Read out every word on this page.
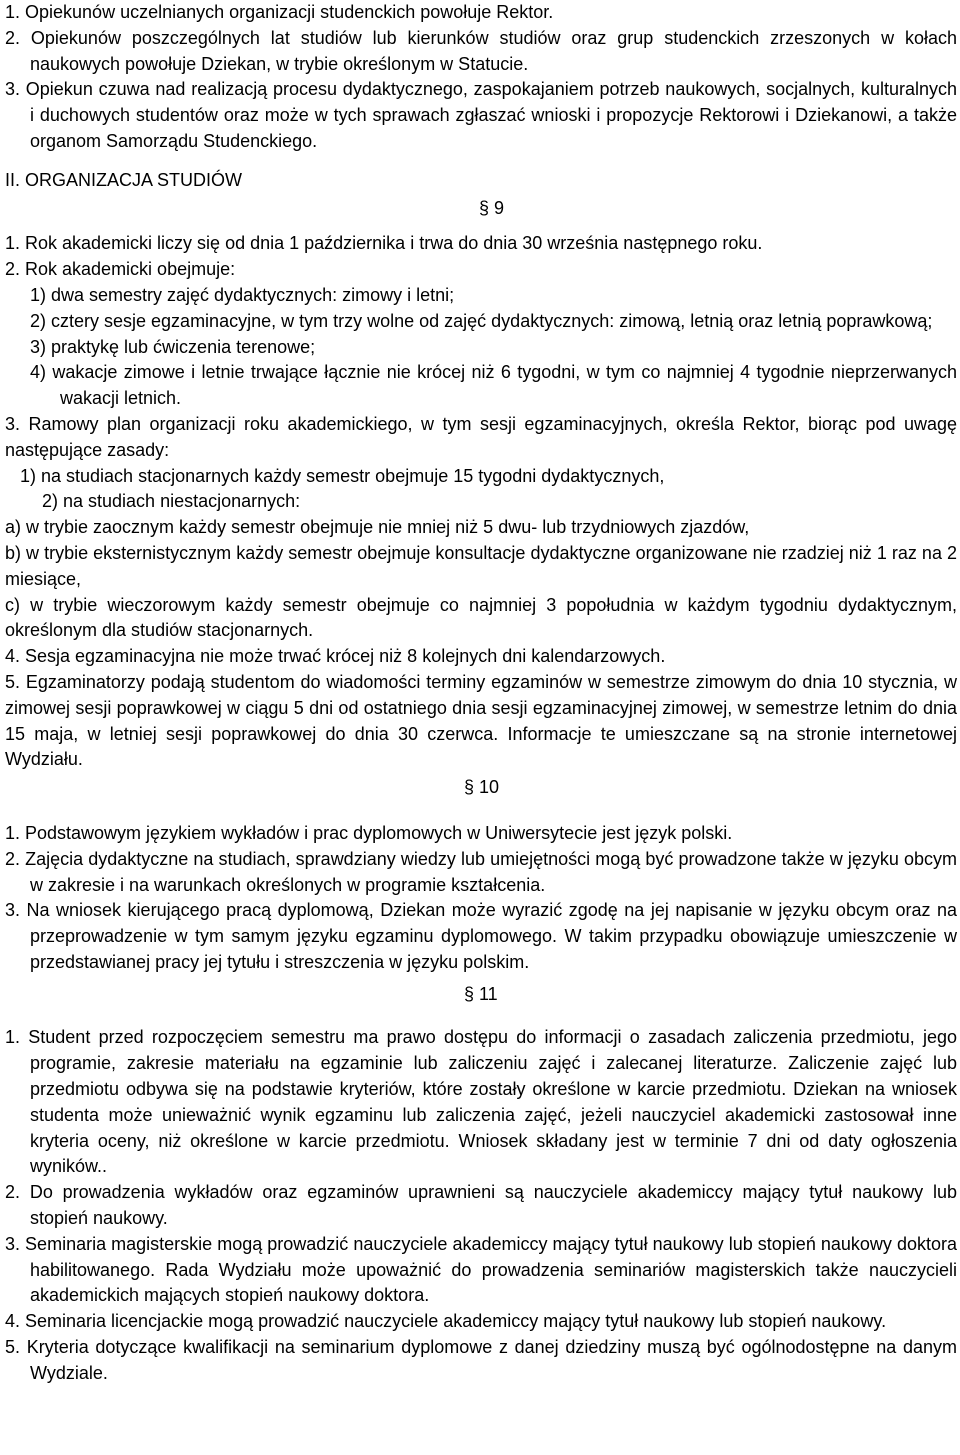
1. Opiekunów uczelnianych organizacji studenckich powołuje Rektor.

2. Opiekunów poszczególnych lat studiów lub kierunków studiów oraz grup studenckich zrzeszonych w kołach naukowych powołuje Dziekan, w trybie określonym w Statucie.

3. Opiekun czuwa nad realizacją procesu dydaktycznego, zaspokajaniem potrzeb naukowych, socjalnych, kulturalnych i duchowych studentów oraz może w tych sprawach zgłaszać wnioski i propozycje Rektorowi i Dziekanowi, a także organom Samorządu Studenckiego.

II. ORGANIZACJA STUDIÓW

§ 9

1. Rok akademicki liczy się od dnia 1 października i trwa do dnia 30 września następnego roku.

2. Rok akademicki obejmuje:

1) dwa semestry zajęć dydaktycznych: zimowy i letni;

2) cztery sesje egzaminacyjne, w tym trzy wolne od zajęć dydaktycznych: zimową, letnią oraz letnią poprawkową;

3) praktykę lub ćwiczenia terenowe;

4) wakacje zimowe i letnie trwające łącznie nie krócej niż 6 tygodni, w tym co najmniej 4 tygodnie nieprzerwanych wakacji letnich.

3. Ramowy plan organizacji roku akademickiego, w tym sesji egzaminacyjnych, określa Rektor, biorąc pod uwagę następujące zasady:

1) na studiach stacjonarnych każdy semestr obejmuje 15 tygodni dydaktycznych,

2) na studiach niestacjonarnych:

a) w trybie zaocznym każdy semestr obejmuje nie mniej niż 5 dwu- lub trzydniowych zjazdów,

b) w trybie eksternistycznym każdy semestr obejmuje konsultacje dydaktyczne organizowane nie rzadziej niż 1 raz na 2 miesiące,

c) w trybie wieczorowym każdy semestr obejmuje co najmniej 3 popołudnia w każdym tygodniu dydaktycznym, określonym dla studiów stacjonarnych.

4. Sesja egzaminacyjna nie może trwać krócej niż 8 kolejnych dni kalendarzowych.

5. Egzaminatorzy podają studentom do wiadomości terminy egzaminów w semestrze zimowym do dnia 10 stycznia, w zimowej sesji poprawkowej w ciągu 5 dni od ostatniego dnia sesji egzaminacyjnej zimowej, w semestrze letnim do dnia 15 maja, w letniej sesji poprawkowej do dnia 30 czerwca. Informacje te umieszczane są na stronie internetowej Wydziału.

§ 10

1. Podstawowym językiem wykładów i prac dyplomowych w Uniwersytecie jest język polski.

2. Zajęcia dydaktyczne na studiach, sprawdziany wiedzy lub umiejętności mogą być prowadzone także w języku obcym w zakresie i na warunkach określonych w programie kształcenia.

3. Na wniosek kierującego pracą dyplomową, Dziekan może wyrazić zgodę na jej napisanie w języku obcym oraz na przeprowadzenie w tym samym języku egzaminu dyplomowego. W takim przypadku obowiązuje umieszczenie w przedstawianej pracy jej tytułu i streszczenia w języku polskim.

§ 11

1. Student przed rozpoczęciem semestru ma prawo dostępu do informacji o zasadach zaliczenia przedmiotu, jego programie, zakresie materiału na egzaminie lub zaliczeniu zajęć i zalecanej literaturze. Zaliczenie zajęć lub przedmiotu odbywa się na podstawie kryteriów, które zostały określone w karcie przedmiotu. Dziekan na wniosek studenta może unieważnić wynik egzaminu lub zaliczenia zajęć, jeżeli nauczyciel akademicki zastosował inne kryteria oceny, niż określone w karcie przedmiotu. Wniosek składany jest w terminie 7 dni od daty ogłoszenia wyników..

2. Do prowadzenia wykładów oraz egzaminów uprawnieni są nauczyciele akademiccy mający tytuł naukowy lub stopień naukowy.

3. Seminaria magisterskie mogą prowadzić nauczyciele akademiccy mający tytuł naukowy lub stopień naukowy doktora habilitowanego. Rada Wydziału może upoważnić do prowadzenia seminariów magisterskich także nauczycieli akademickich mających stopień naukowy doktora.

4. Seminaria licencjackie mogą prowadzić nauczyciele akademiccy mający tytuł naukowy lub stopień naukowy.

5. Kryteria dotyczące kwalifikacji na seminarium dyplomowe z danej dziedziny muszą być ogólnodostępne na danym Wydziale.
